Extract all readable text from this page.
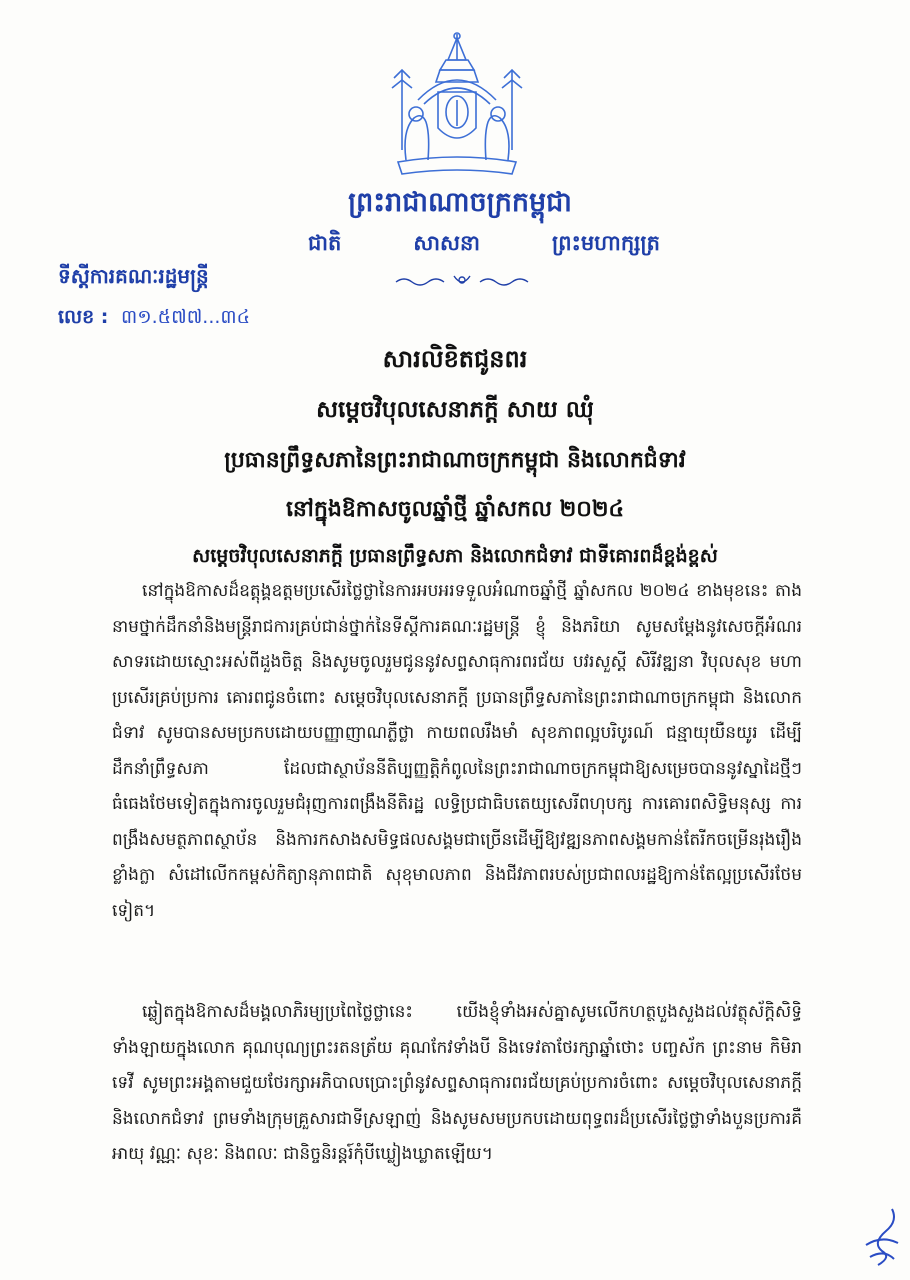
ព្រះរាជាណាចក្រកម្ពុជា
ជាតិ	សាសនា	ព្រះមហាក្សត្រ
ទីស្ដីការគណៈរដ្ឋមន្ត្រី
លេខ : ៣១.៥៧៧...៣៤
សារលិខិតជូនពរ
សម្ដេចវិបុលសេនាភក្ដី សាយ ឈុំ
ប្រធានព្រឹទ្ធសភានៃព្រះរាជាណាចក្រកម្ពុជា និងលោកជំទាវ
នៅក្នុងឱកាសចូលឆ្នាំថ្មី ឆ្នាំសកល ២០២៤
សម្ដេចវិបុលសេនាភក្ដី ប្រធានព្រឹទ្ធសភា និងលោកជំទាវ ជាទីគោរពដ៏ខ្ពង់ខ្ពស់

នៅក្នុងឱកាសដ៏ឧត្ដុង្គឧត្ដមប្រសើរថ្លៃថ្លានៃការអបអរទទួលអំណាចឆ្នាំថ្មី ឆ្នាំសកល ២០២៤ ខាងមុខនេះ តាងនាមថ្នាក់ដឹកនាំនិងមន្ត្រីរាជការគ្រប់ជាន់ថ្នាក់នៃទីស្ដីការគណៈរដ្ឋមន្ត្រី ខ្ញុំ និងភរិយា សូមសម្ដែងនូវសេចក្ដីអំណរសាទរដោយស្មោះអស់ពីដួងចិត្ត និងសូមចូលរួមជូននូវសព្ទសាធុការពរជ័យ បវរសួស្ដី សិរីវឌ្ឍនា វិបុលសុខ មហាប្រសើរគ្រប់ប្រការ គោរពជូនចំពោះ សម្ដេចវិបុលសេនាភក្ដី ប្រធានព្រឹទ្ធសភានៃព្រះរាជាណាចក្រកម្ពុជា និងលោកជំទាវ សូមបានសមប្រកបដោយបញ្ញាញាណភ្លឺថ្លា កាយពលរឹងមាំ សុខភាពល្អបរិបូរណ៍ ជន្មាយុយឺនយូរ ដើម្បីដឹកនាំព្រឹទ្ធសភា ដែលជាស្ថាប័ននីតិប្បញ្ញត្តិកំពូលនៃព្រះរាជាណាចក្រកម្ពុជាឱ្យសម្រេចបាននូវស្នាដៃថ្មីៗ ធំធេងថែមទៀតក្នុងការចូលរួមជំរុញការពង្រឹងនីតិរដ្ឋ លទ្ធិប្រជាធិបតេយ្យសេរីពហុបក្ស ការគោរពសិទ្ធិមនុស្ស ការពង្រឹងសមត្ថភាពស្ថាប័ន និងការកសាងសមិទ្ធផលសង្គមជាច្រើនដើម្បីឱ្យវឌ្ឍនភាពសង្គមកាន់តែរីកចម្រើនរុងរឿងខ្លាំងក្លា សំដៅលើកកម្ពស់កិត្យានុភាពជាតិ សុខុមាលភាព និងជីវភាពរបស់ប្រជាពលរដ្ឋឱ្យកាន់តែល្អប្រសើរថែមទៀត។

ឆ្លៀតក្នុងឱកាសដ៏មង្គលាភិរម្យប្រពៃថ្លៃថ្លានេះ យើងខ្ញុំទាំងអស់គ្នាសូមលើកហត្ថបួងសួងដល់វត្ថុស័ក្ដិសិទ្ធិទាំងឡាយក្នុងលោក គុណបុណ្យព្រះរតនត្រ័យ គុណកែវទាំងបី និងទេវតាថែរក្សាឆ្នាំថោះ បញ្ចស័ក ព្រះនាម កិមិរាទេវី សូមព្រះអង្គតាមជួយថែរក្សាអភិបាលប្រោះព្រំនូវសព្ទសាធុការពរជ័យគ្រប់ប្រការចំពោះ សម្ដេចវិបុលសេនាភក្ដី និងលោកជំទាវ ព្រមទាំងក្រុមគ្រួសារជាទីស្រឡាញ់ និងសូមសមប្រកបដោយពុទ្ធពរដ៏ប្រសើរថ្លៃថ្លាទាំងបួនប្រការគឺ អាយុ វណ្ណៈ សុខៈ និងពលៈ ជានិច្ចនិរន្តរ៍កុំបីឃ្លៀងឃ្លាតឡើយ។
